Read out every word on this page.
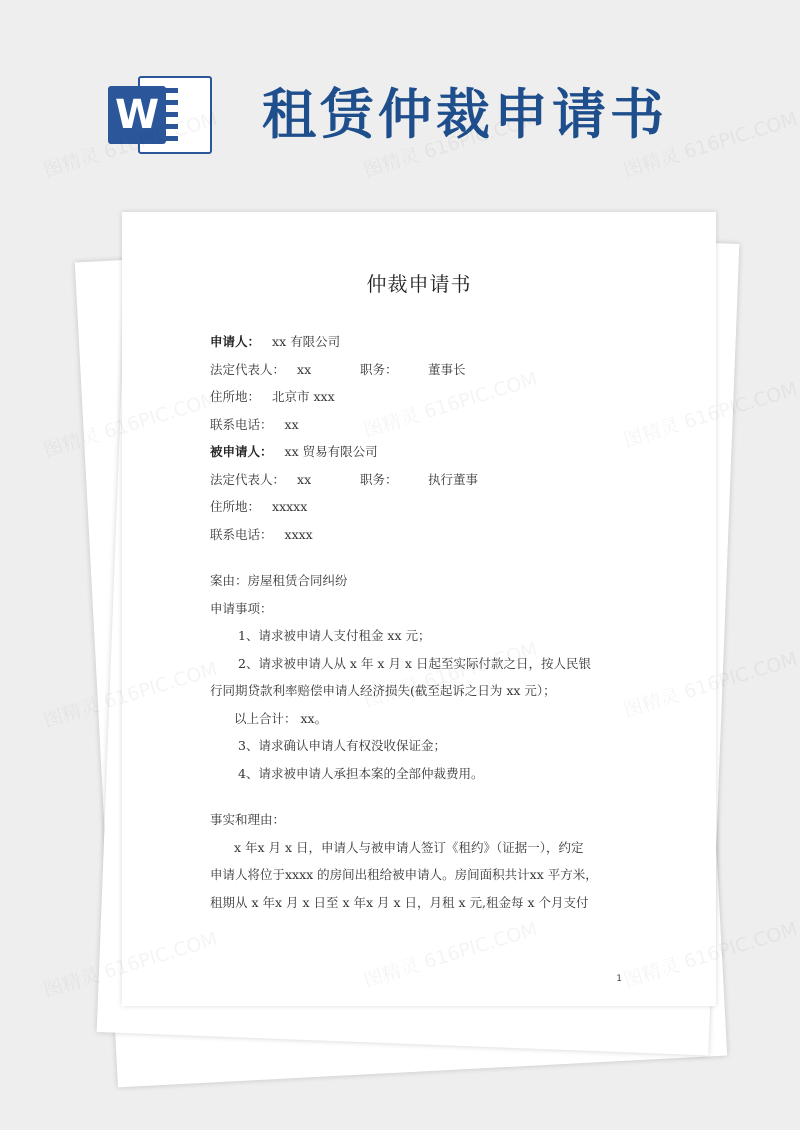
W 租赁仲裁申请书
仲裁申请书
申请人： xx 有限公司
法定代表人： xx	职务： 董事长
住所地： 北京市 xxx
联系电话： xx
被申请人： xx 贸易有限公司
法定代表人： xx	职务： 执行董事
住所地： xxxxx
联系电话： xxxx
案由：房屋租赁合同纠纷
申请事项：
1、请求被申请人支付租金 xx 元；
2、请求被申请人从 x 年 x 月 x 日起至实际付款之日，按人民银
行同期贷款利率赔偿申请人经济损失(截至起诉之日为 xx 元）；
以上合计： xx。
3、请求确认申请人有权没收保证金；
4、请求被申请人承担本案的全部仲裁费用。
事实和理由：
x 年x 月 x 日，申请人与被申请人签订《租约》（证据一），约定
申请人将位于xxxx 的房间出租给被申请人。房间面积共计xx 平方米，
租期从 x 年x 月 x 日至 x 年x 月 x 日，月租 x 元,租金每 x 个月支付
1
